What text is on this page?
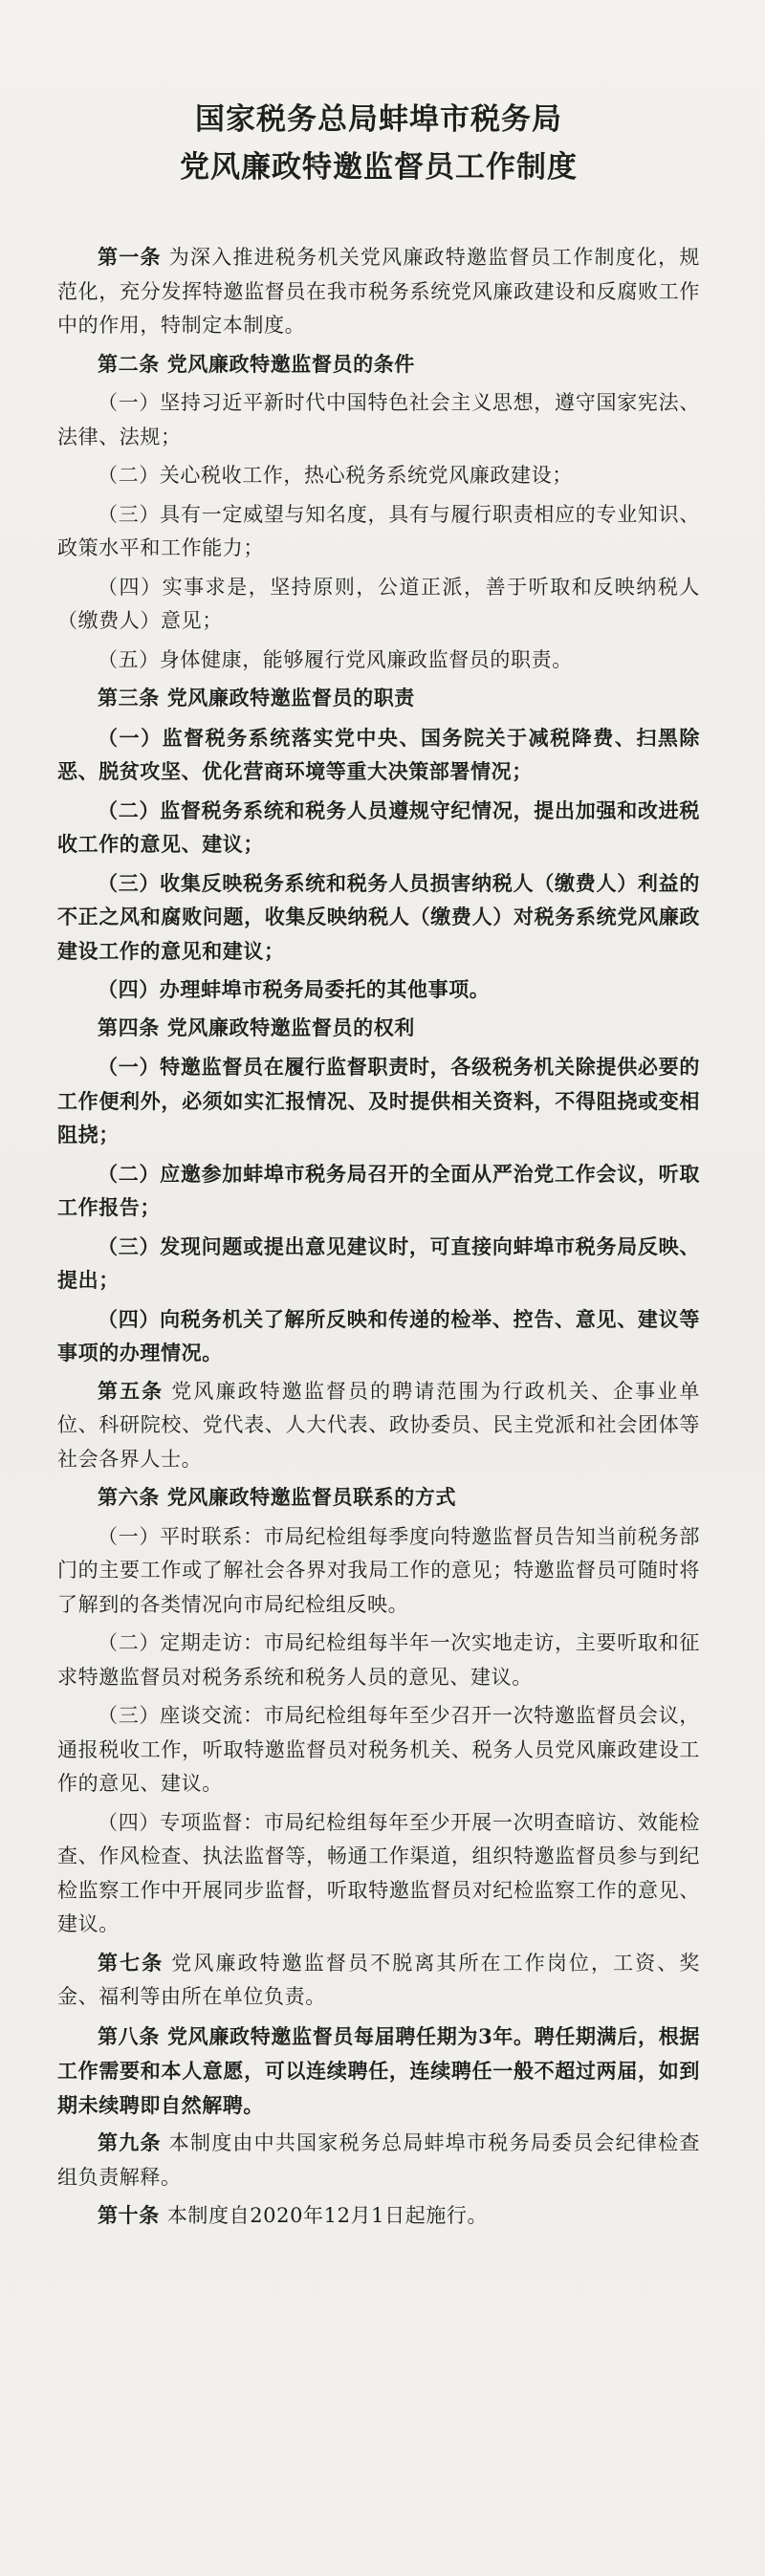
国家税务总局蚌埠市税务局

党风廉政特邀监督员工作制度

第一条 为深入推进税务机关党风廉政特邀监督员工作制度化，规范化，充分发挥特邀监督员在我市税务系统党风廉政建设和反腐败工作中的作用，特制定本制度。

第二条 党风廉政特邀监督员的条件

（一）坚持习近平新时代中国特色社会主义思想，遵守国家宪法、法律、法规；

（二）关心税收工作，热心税务系统党风廉政建设；

（三）具有一定威望与知名度，具有与履行职责相应的专业知识、政策水平和工作能力；

（四）实事求是，坚持原则，公道正派，善于听取和反映纳税人（缴费人）意见；

（五）身体健康，能够履行党风廉政监督员的职责。

第三条 党风廉政特邀监督员的职责

（一）监督税务系统落实党中央、国务院关于减税降费、扫黑除恶、脱贫攻坚、优化营商环境等重大决策部署情况；

（二）监督税务系统和税务人员遵规守纪情况，提出加强和改进税收工作的意见、建议；

（三）收集反映税务系统和税务人员损害纳税人（缴费人）利益的不正之风和腐败问题，收集反映纳税人（缴费人）对税务系统党风廉政建设工作的意见和建议；

（四）办理蚌埠市税务局委托的其他事项。

第四条 党风廉政特邀监督员的权利

（一）特邀监督员在履行监督职责时，各级税务机关除提供必要的工作便利外，必须如实汇报情况、及时提供相关资料，不得阻挠或变相阻挠；

（二）应邀参加蚌埠市税务局召开的全面从严治党工作会议，听取工作报告；

（三）发现问题或提出意见建议时，可直接向蚌埠市税务局反映、提出；

（四）向税务机关了解所反映和传递的检举、控告、意见、建议等事项的办理情况。

第五条 党风廉政特邀监督员的聘请范围为行政机关、企事业单位、科研院校、党代表、人大代表、政协委员、民主党派和社会团体等社会各界人士。

第六条 党风廉政特邀监督员联系的方式

（一）平时联系：市局纪检组每季度向特邀监督员告知当前税务部门的主要工作或了解社会各界对我局工作的意见；特邀监督员可随时将了解到的各类情况向市局纪检组反映。

（二）定期走访：市局纪检组每半年一次实地走访，主要听取和征求特邀监督员对税务系统和税务人员的意见、建议。

（三）座谈交流：市局纪检组每年至少召开一次特邀监督员会议，通报税收工作，听取特邀监督员对税务机关、税务人员党风廉政建设工作的意见、建议。

（四）专项监督：市局纪检组每年至少开展一次明查暗访、效能检查、作风检查、执法监督等，畅通工作渠道，组织特邀监督员参与到纪检监察工作中开展同步监督，听取特邀监督员对纪检监察工作的意见、建议。

第七条 党风廉政特邀监督员不脱离其所在工作岗位，工资、奖金、福利等由所在单位负责。

第八条 党风廉政特邀监督员每届聘任期为3年。聘任期满后，根据工作需要和本人意愿，可以连续聘任，连续聘任一般不超过两届，如到期未续聘即自然解聘。

第九条 本制度由中共国家税务总局蚌埠市税务局委员会纪律检查组负责解释。

第十条 本制度自2020年12月1日起施行。
